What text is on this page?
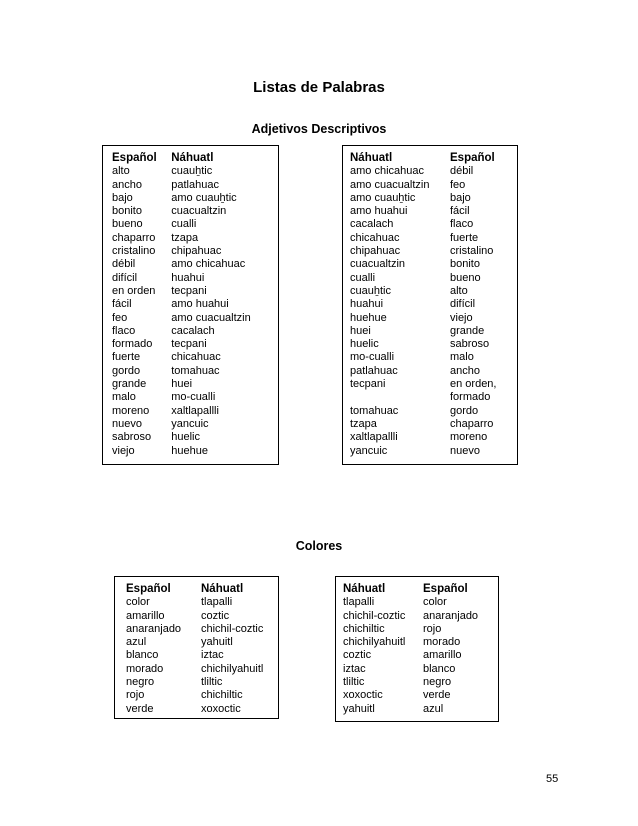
Listas de Palabras
Adjetivos Descriptivos
Español	Náhuatl
alto	cuauẖtic
ancho	patlahuac
bajo	amo cuauẖtic
bonito	cuacualtzin
bueno	cualli
chaparro	tzapa
cristalino	chipahuac
débil	amo chicahuac
difícil	huahui
en orden	tecpani
fácil	amo huahui
feo	amo cuacualtzin
flaco	cacalach
formado	tecpani
fuerte	chicahuac
gordo	tomahuac
grande	huei
malo	mo-cualli
moreno	xaltlapallli
nuevo	yancuic
sabroso	huelic
viejo	huehue
Náhuatl	Español
amo chicahuac	débil
amo cuacualtzin	feo
amo cuauẖtic	bajo
amo huahui	fácil
cacalach	flaco
chicahuac	fuerte
chipahuac	cristalino
cuacualtzin	bonito
cualli	bueno
cuauẖtic	alto
huahui	difícil
huehue	viejo
huei	grande
huelic	sabroso
mo-cualli	malo
patlahuac	ancho
tecpani	en orden,
	formado
tomahuac	gordo
tzapa	chaparro
xaltlapallli	moreno
yancuic	nuevo
Colores
Español	Náhuatl
color	tlapalli
amarillo	coztic
anaranjado	chichil-coztic
azul	yahuitl
blanco	iztac
morado	chichilyahuitl
negro	tliltic
rojo	chichiltic
verde	xoxoctic
Náhuatl	Español
tlapalli	color
chichil-coztic	anaranjado
chichiltic	rojo
chichilyahuitl	morado
coztic	amarillo
iztac	blanco
tliltic	negro
xoxoctic	verde
yahuitl	azul
55
